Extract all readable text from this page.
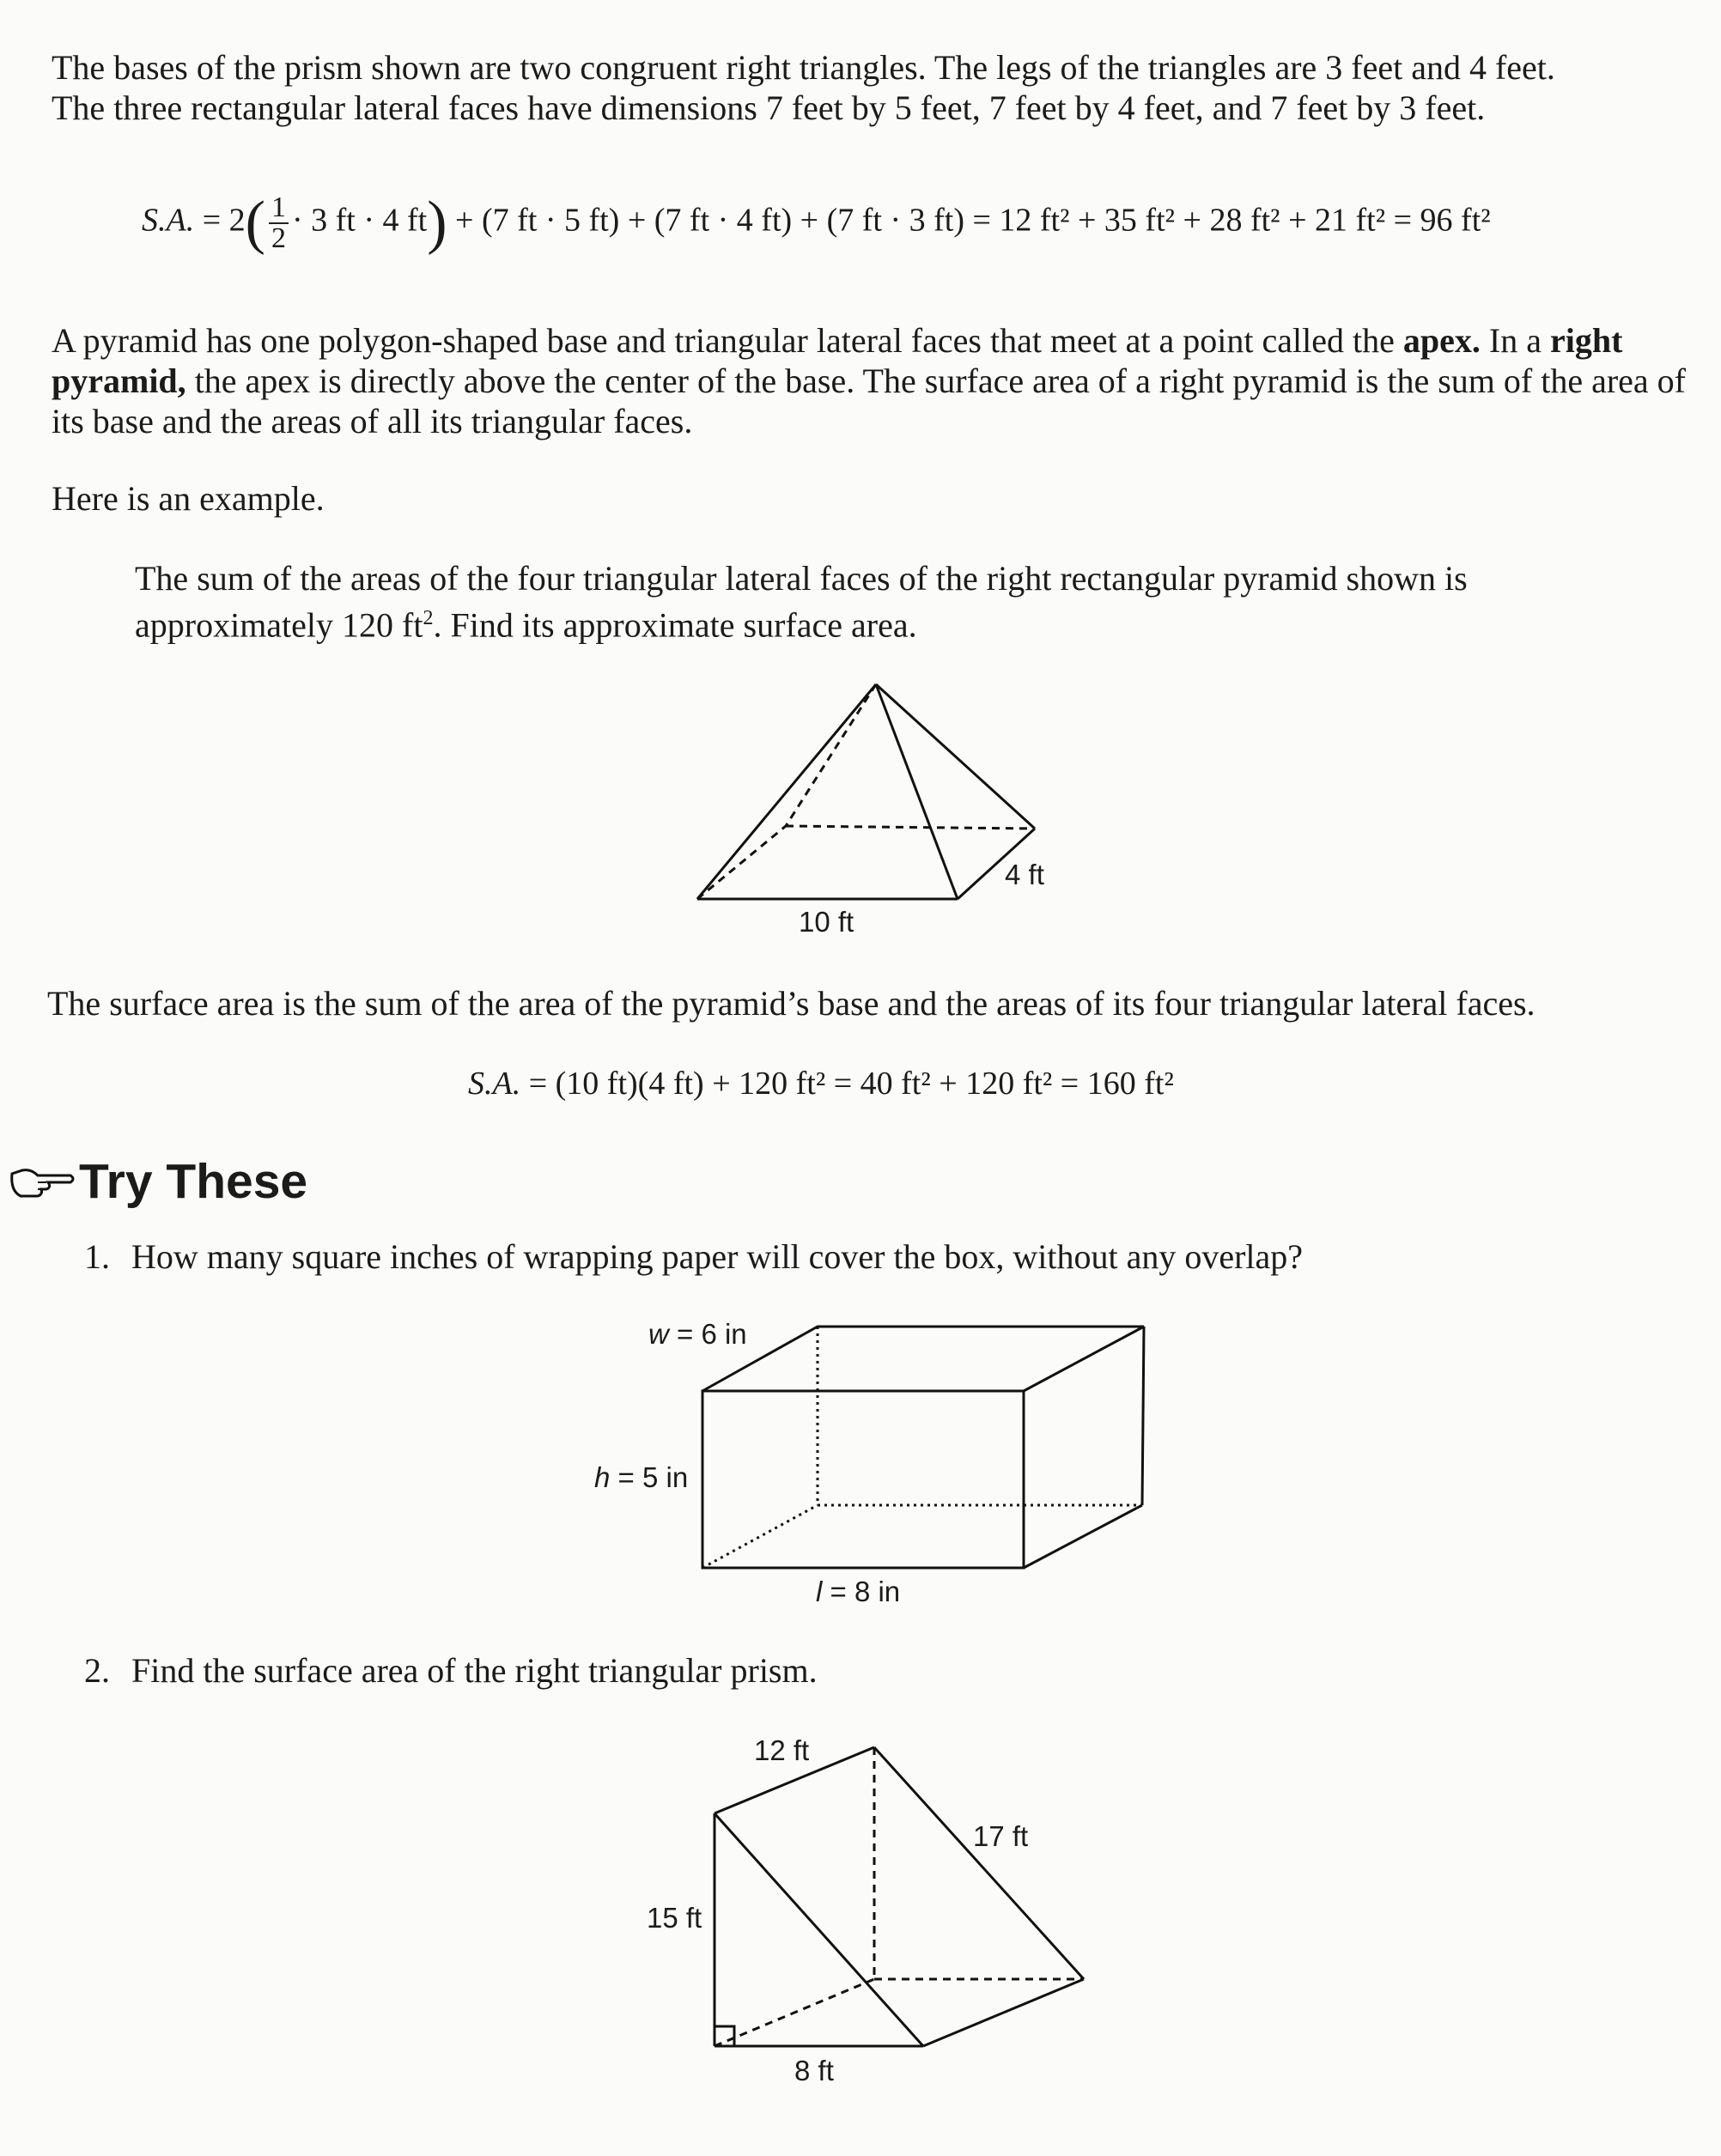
The bases of the prism shown are two congruent right triangles. The legs of the triangles are 3 feet and 4 feet.
The three rectangular lateral faces have dimensions 7 feet by 5 feet, 7 feet by 4 feet, and 7 feet by 3 feet.

S.A. = $2( \frac{1}{2} \cdot 3$ ft · 4 ft) + (7 ft · 5 ft) + (7 ft · 4 ft) + (7 ft · 3 ft) = 12 ft² + 35 ft² + 28 ft² + 21 ft² = 96 ft²

A pyramid has one polygon-shaped base and triangular lateral faces that meet at a point called the apex. In a right pyramid, the apex is directly above the center of the base. The surface area of a right pyramid is the sum of the area of its base and the areas of all its triangular faces.

Here is an example.

The sum of the areas of the four triangular lateral faces of the right rectangular pyramid shown is approximately 120 $ft^2$. Find its approximate surface area.

10 ft
4 ft

The surface area is the sum of the area of the pyramid’s base and the areas of its four triangular lateral faces.

S.A. = (10 ft)(4 ft) + 120 ft² = 40 ft² + 120 ft² = 160 ft²
Try These
1. How many square inches of wrapping paper will cover the box, without any overlap?
w = 6 in
h = 5 in
l = 8 in
2. Find the surface area of the right triangular prism.
12 ft
17 ft
15 ft
8 ft
